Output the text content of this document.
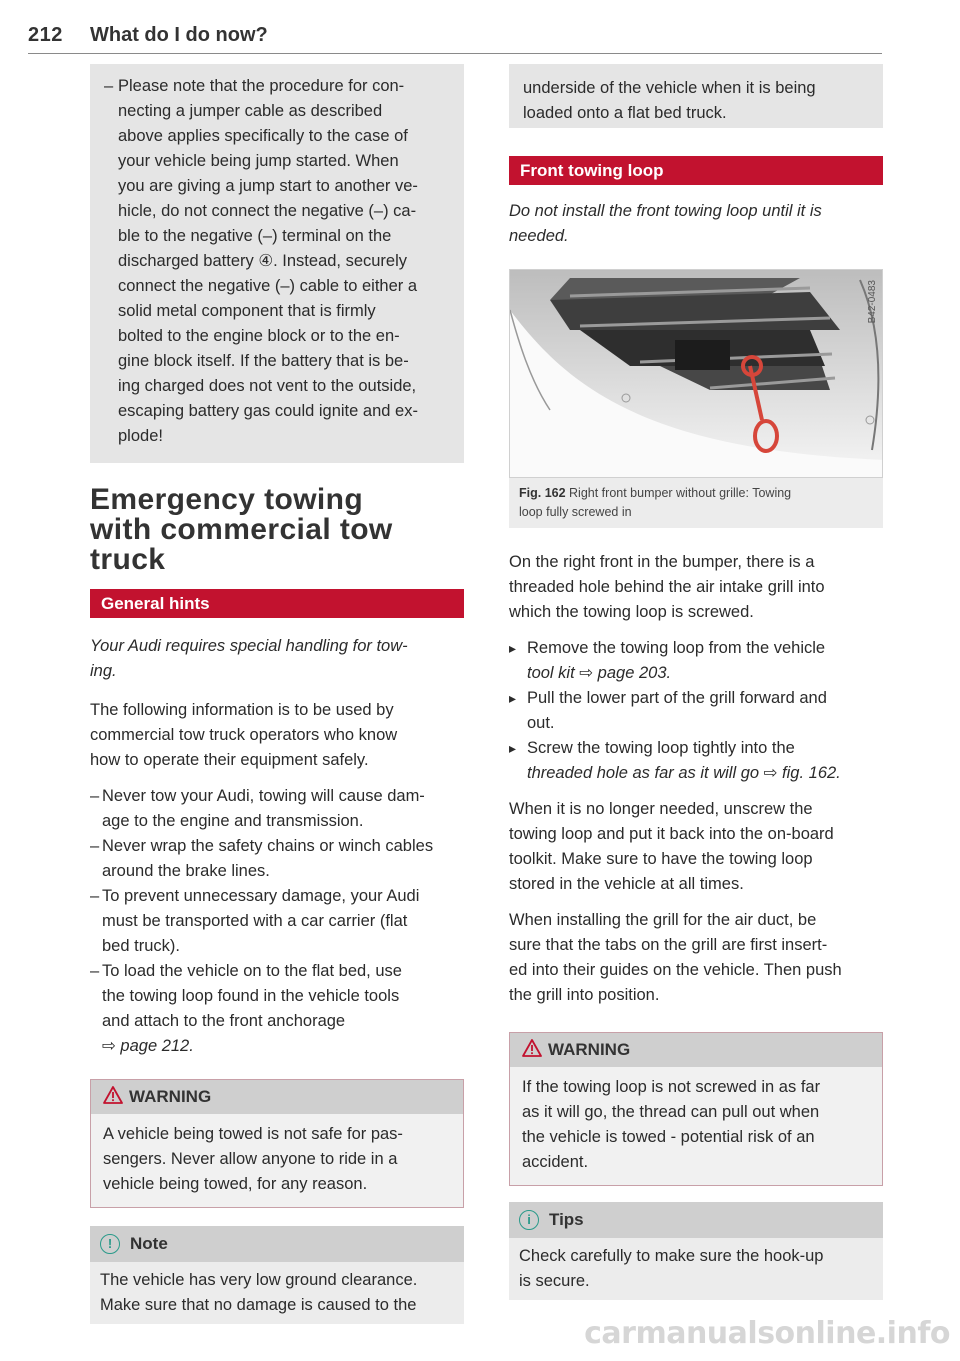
212 What do I do now?
– Please note that the procedure for con-
necting a jumper cable as described
above applies specifically to the case of
your vehicle being jump started. When
you are giving a jump start to another ve-
hicle, do not connect the negative (–) ca-
ble to the negative (–) terminal on the
discharged battery ④. Instead, securely
connect the negative (–) cable to either a
solid metal component that is firmly
bolted to the engine block or to the en-
gine block itself. If the battery that is be-
ing charged does not vent to the outside,
escaping battery gas could ignite and ex-
plode!
Emergency towing
with commercial tow
truck
General hints
Your Audi requires special handling for tow-
ing.
The following information is to be used by
commercial tow truck operators who know
how to operate their equipment safely.
– Never tow your Audi, towing will cause dam-
age to the engine and transmission.
– Never wrap the safety chains or winch cables
around the brake lines.
– To prevent unnecessary damage, your Audi
must be transported with a car carrier (flat
bed truck).
– To load the vehicle on to the flat bed, use
the towing loop found in the vehicle tools
and attach to the front anchorage
⇨ page 212.
WARNING
A vehicle being towed is not safe for pas-
sengers. Never allow anyone to ride in a
vehicle being towed, for any reason.
! Note
The vehicle has very low ground clearance.
Make sure that no damage is caused to the
underside of the vehicle when it is being
loaded onto a flat bed truck.
Front towing loop
Do not install the front towing loop until it is
needed.
B42-0483
Fig. 162 Right front bumper without grille: Towing
loop fully screwed in
On the right front in the bumper, there is a
threaded hole behind the air intake grill into
which the towing loop is screwed.
▸ Remove the towing loop from the vehicle
tool kit ⇨ page 203.
▸ Pull the lower part of the grill forward and
out.
▸ Screw the towing loop tightly into the
threaded hole as far as it will go ⇨ fig. 162.
When it is no longer needed, unscrew the
towing loop and put it back into the on-board
toolkit. Make sure to have the towing loop
stored in the vehicle at all times.
When installing the grill for the air duct, be
sure that the tabs on the grill are first insert-
ed into their guides on the vehicle. Then push
the grill into position.
WARNING
If the towing loop is not screwed in as far
as it will go, the thread can pull out when
the vehicle is towed - potential risk of an
accident.
i Tips
Check carefully to make sure the hook-up
is secure.
carmanualsonline.info
